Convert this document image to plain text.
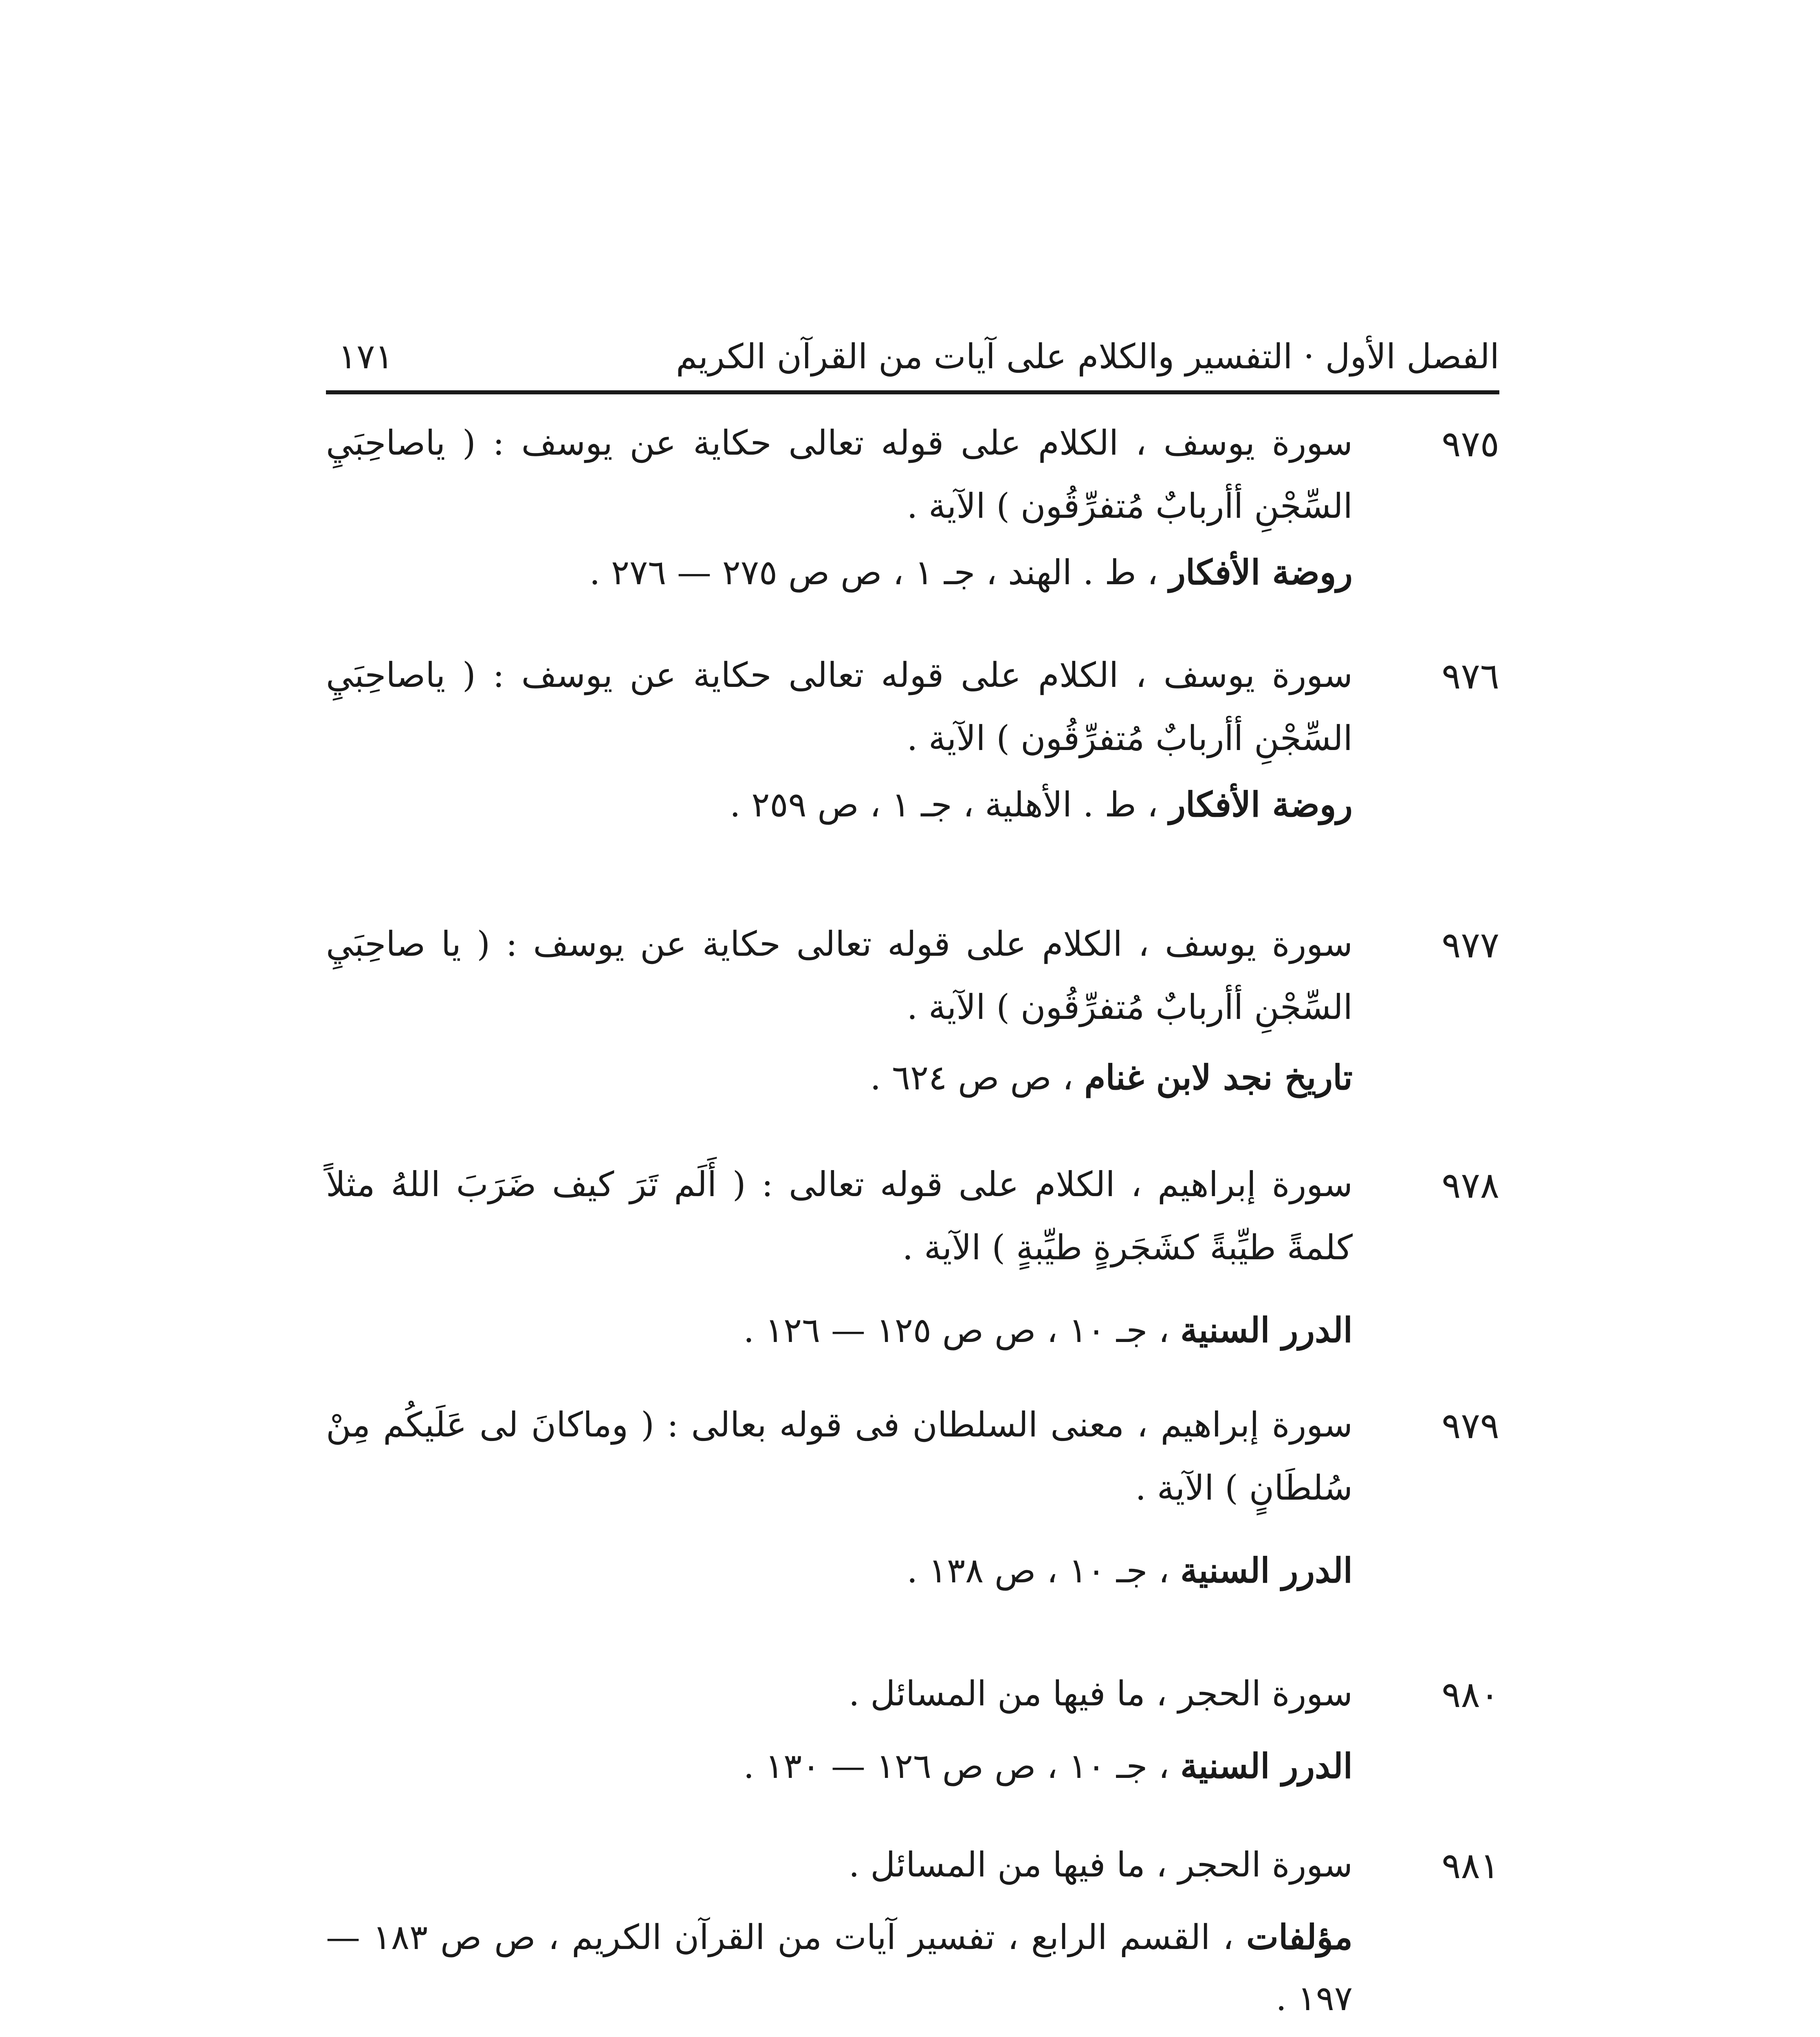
الفصل الأول · التفسير والكلام على آيات من القرآن الكريم
١٧١
٩٧٥
سورة يوسف ، الكلام على قوله تعالى حكاية عن يوسف : ( ياصاحِبَيِ السِّجْنِ أأربابٌ مُتفرِّقُون ) الآية .
روضة الأفكار ، ط . الهند ، جـ ١ ، ص ص ٢٧٥ — ٢٧٦ .
٩٧٦
سورة يوسف ، الكلام على قوله تعالى حكاية عن يوسف : ( ياصاحِبَيِ السِّجْنِ أأربابٌ مُتفرِّقُون ) الآية .
روضة الأفكار ، ط . الأهلية ، جـ ١ ، ص ٢٥٩ .
٩٧٧
سورة يوسف ، الكلام على قوله تعالى حكاية عن يوسف : ( يا صاحِبَيِ السِّجْنِ أأربابٌ مُتفرِّقُون ) الآية .
تاريخ نجد لابن غنام ، ص ص ٦٢٤ .
٩٧٨
سورة إبراهيم ، الكلام على قوله تعالى : ( أَلَم تَرَ كيف ضَرَبَ اللهُ مثلاً كلمةً طيِّبةً كشَجَرةٍ طيِّبةٍ ) الآية .
الدرر السنية ، جـ ١٠ ، ص ص ١٢٥ — ١٢٦ .
٩٧٩
سورة إبراهيم ، معنى السلطان فى قوله بعالى : ( وماكانَ لى عَلَيكُم مِنْ سُلطَانٍ ) الآية .
الدرر السنية ، جـ ١٠ ، ص ١٣٨ .
٩٨٠
سورة الحجر ، ما فيها من المسائل .
الدرر السنية ، جـ ١٠ ، ص ص ١٢٦ — ١٣٠ .
٩٨١
سورة الحجر ، ما فيها من المسائل .
مؤلفات ، القسم الرابع ، تفسير آيات من القرآن الكريم ، ص ص ١٨٣ — ١٩٧ .
